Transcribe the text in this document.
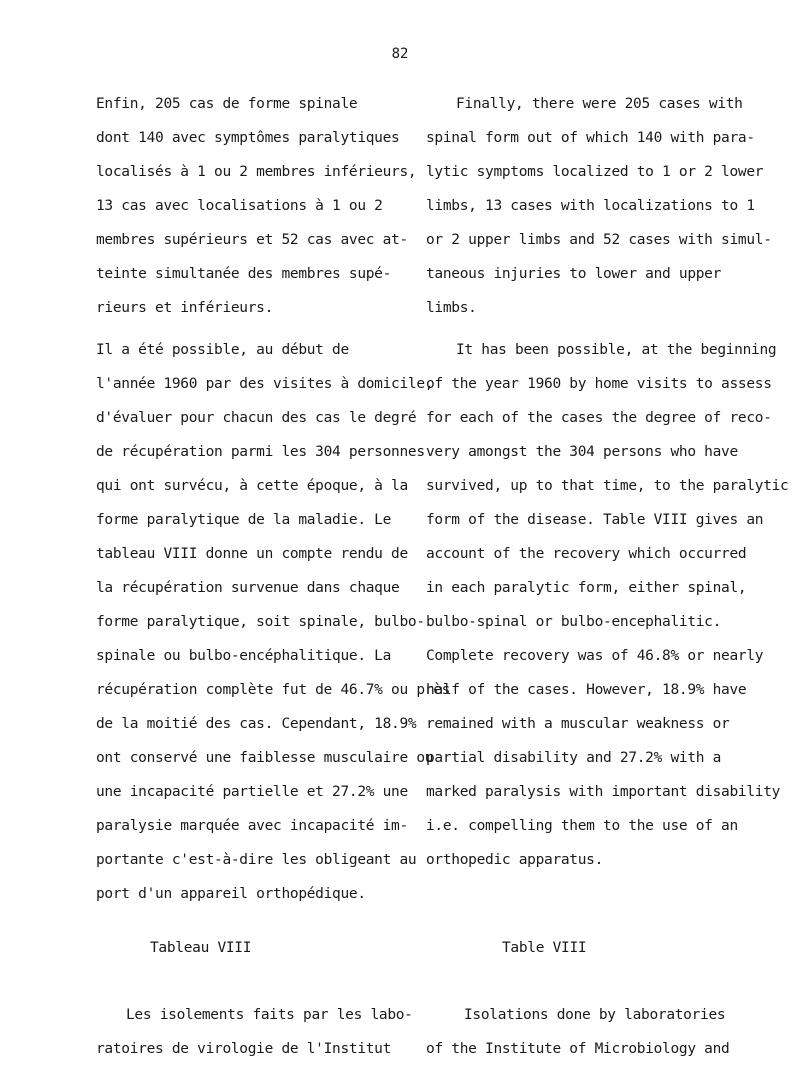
82

Enfin, 205 cas de forme spinale

dont 140 avec symptômes paralytiques

localisés à 1 ou 2 membres inférieurs,

13 cas avec localisations à 1 ou 2

membres supérieurs et 52 cas avec at-

teinte simultanée des membres supé-

rieurs et inférieurs.

Il a été possible, au début de

l'année 1960 par des visites à domicile,

d'évaluer pour chacun des cas le degré

de récupération parmi les 304 personnes

qui ont survécu, à cette époque, à la

forme paralytique de la maladie. Le

tableau VIII donne un compte rendu de

la récupération survenue dans chaque

forme paralytique, soit spinale, bulbo-

spinale ou bulbo-encéphalitique. La

récupération complète fut de 46.7% ou près

de la moitié des cas. Cependant, 18.9%

ont conservé une faiblesse musculaire ou

une incapacité partielle et 27.2% une

paralysie marquée avec incapacité im-

portante c'est-à-dire les obligeant au

port d'un appareil orthopédique.

Tableau VIII

Les isolements faits par les labo-

ratoires de virologie de l'Institut

Finally, there were 205 cases with

spinal form out of which 140 with para-

lytic symptoms localized to 1 or 2 lower

limbs, 13 cases with localizations to 1

or 2 upper limbs and 52 cases with simul-

taneous injuries to lower and upper

limbs.

It has been possible, at the beginning

of the year 1960 by home visits to assess

for each of the cases the degree of reco-

very amongst the 304 persons who have

survived, up to that time, to the paralytic

form of the disease. Table VIII gives an

account of the recovery which occurred

in each paralytic form, either spinal,

bulbo-spinal or bulbo-encephalitic.

Complete recovery was of 46.8% or nearly

half of the cases. However, 18.9% have

remained with a muscular weakness or

partial disability and 27.2% with a

marked paralysis with important disability

i.e. compelling them to the use of an

orthopedic apparatus.

Table VIII

Isolations done by laboratories

of the Institute of Microbiology and
